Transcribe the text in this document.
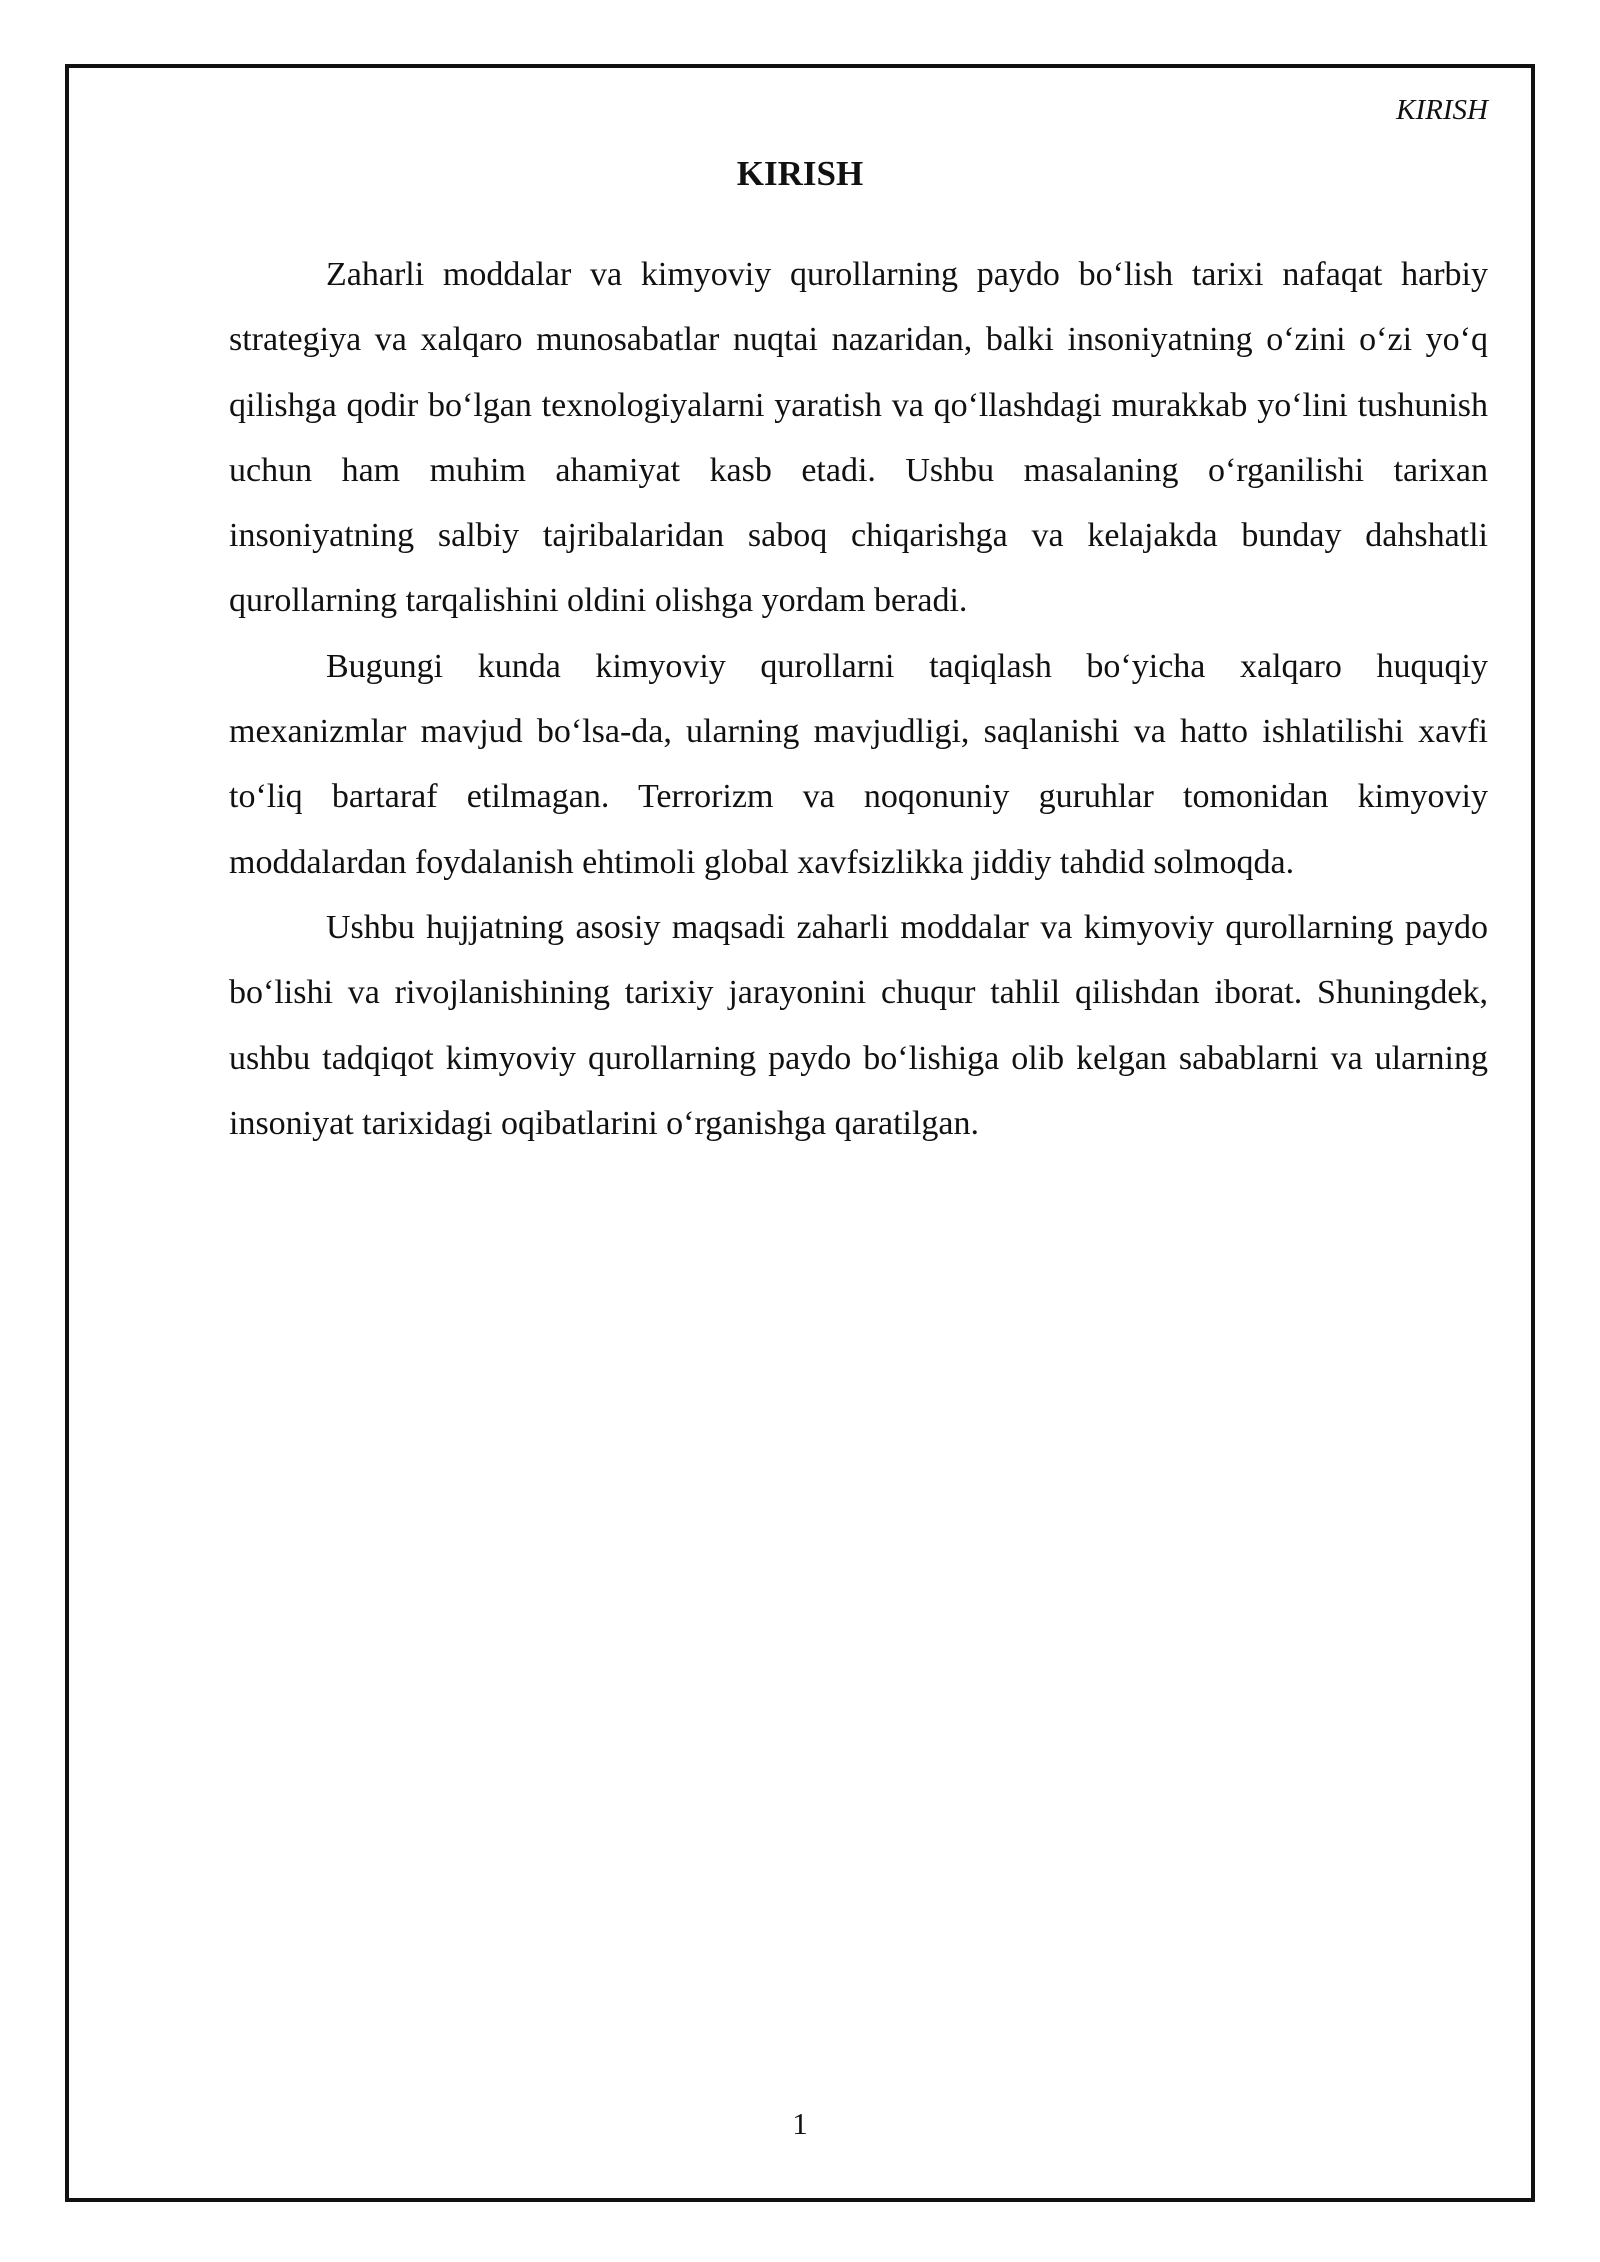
KIRISH
KIRISH

Zaharli moddalar va kimyoviy qurollarning paydo boʻlish tarixi nafaqat harbiy strategiya va xalqaro munosabatlar nuqtai nazaridan, balki insoniyatning oʻzini oʻzi yoʻq qilishga qodir boʻlgan texnologiyalarni yaratish va qoʻllashdagi murakkab yoʻlini tushunish uchun ham muhim ahamiyat kasb etadi. Ushbu masalaning oʻrganilishi tarixan insoniyatning salbiy tajribalaridan saboq chiqarishga va kelajakda bunday dahshatli qurollarning tarqalishini oldini olishga yordam beradi.

Bugungi kunda kimyoviy qurollarni taqiqlash boʻyicha xalqaro huquqiy mexanizmlar mavjud boʻlsa-da, ularning mavjudligi, saqlanishi va hatto ishlatilishi xavfi toʻliq bartaraf etilmagan. Terrorizm va noqonuniy guruhlar tomonidan kimyoviy moddalardan foydalanish ehtimoli global xavfsizlikka jiddiy tahdid solmoqda.

Ushbu hujjatning asosiy maqsadi zaharli moddalar va kimyoviy qurollarning paydo boʻlishi va rivojlanishining tarixiy jarayonini chuqur tahlil qilishdan iborat. Shuningdek, ushbu tadqiqot kimyoviy qurollarning paydo boʻlishiga olib kelgan sabablarni va ularning insoniyat tarixidagi oqibatlarini oʻrganishga qaratilgan.

1
